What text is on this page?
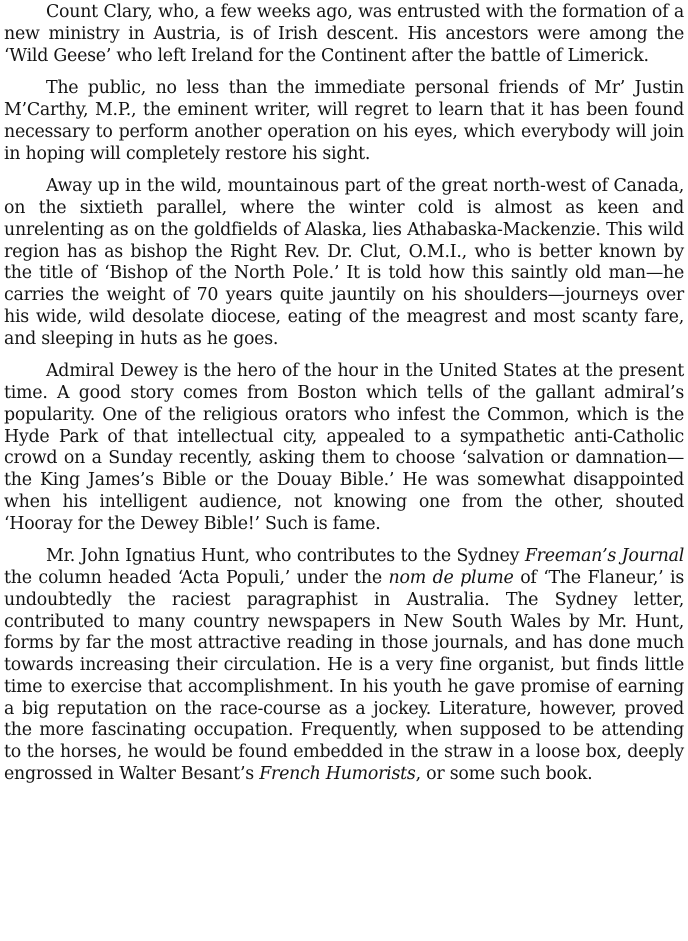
Count Clary, who, a few weeks ago, was entrusted with the formation of a new ministry in Austria, is of Irish descent. His ancestors were among the ‘Wild Geese’ who left Ireland for the Continent after the battle of Limerick.

The public, no less than the immediate personal friends of Mr’ Justin M’Carthy, M.P., the eminent writer, will regret to learn that it has been found necessary to perform another operation on his eyes, which everybody will join in hoping will completely restore his sight.

Away up in the wild, mountainous part of the great north-west of Canada, on the sixtieth parallel, where the winter cold is almost as keen and unrelenting as on the goldfields of Alaska, lies Athabaska-Mackenzie. This wild region has as bishop the Right Rev. Dr. Clut, O.M.I., who is better known by the title of ‘Bishop of the North Pole.’ It is told how this saintly old man—he carries the weight of 70 years quite jauntily on his shoulders—journeys over his wide, wild desolate diocese, eating of the meagrest and most scanty fare, and sleeping in huts as he goes.

Admiral Dewey is the hero of the hour in the United States at the present time. A good story comes from Boston which tells of the gallant admiral’s popularity. One of the religious orators who infest the Common, which is the Hyde Park of that intellectual city, appealed to a sympathetic anti-Catholic crowd on a Sunday recently, asking them to choose ‘salvation or damnation—the King James’s Bible or the Douay Bible.’ He was somewhat disappointed when his intelligent audience, not knowing one from the other, shouted ‘Hooray for the Dewey Bible!’ Such is fame.

Mr. John Ignatius Hunt, who contributes to the Sydney Freeman’s Journal the column headed ‘Acta Populi,’ under the nom de plume of ‘The Flaneur,’ is undoubtedly the raciest paragraphist in Australia. The Sydney letter, contributed to many country newspapers in New South Wales by Mr. Hunt, forms by far the most attractive reading in those journals, and has done much towards increasing their circulation. He is a very fine organist, but finds little time to exercise that accomplishment. In his youth he gave promise of earning a big reputation on the race-course as a jockey. Literature, however, proved the more fascinating occupation. Frequently, when supposed to be attending to the horses, he would be found embedded in the straw in a loose box, deeply engrossed in Walter Besant’s French Humorists, or some such book.
